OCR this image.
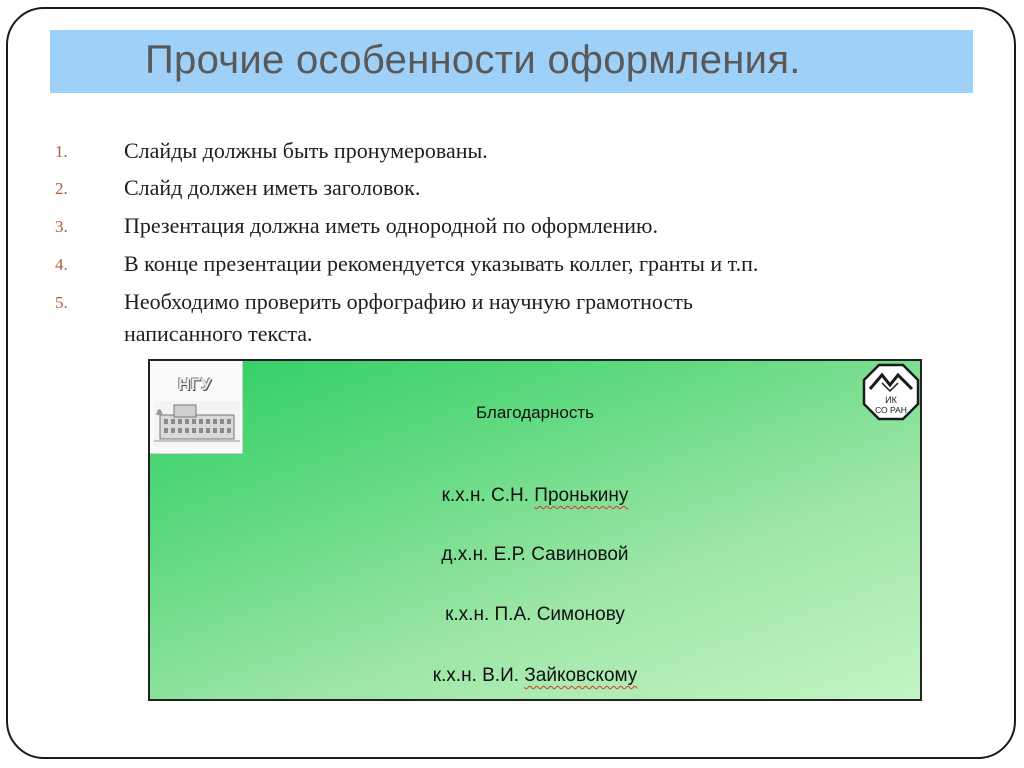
Прочие особенности оформления.
1.	Слайды должны быть пронумерованы.
2.	Слайд должен иметь заголовок.
3.	Презентация должна иметь однородной по оформлению.
4.	В конце презентации рекомендуется указывать коллег, гранты и т.п.
5.	Необходимо проверить орфографию и научную грамотность
написанного текста.
НГУ
ИК
СО РАН
Благодарность
к.х.н. С.Н. Пронькину
д.х.н. Е.Р. Савиновой
к.х.н. П.А. Симонову
к.х.н. В.И. Зайковскому
